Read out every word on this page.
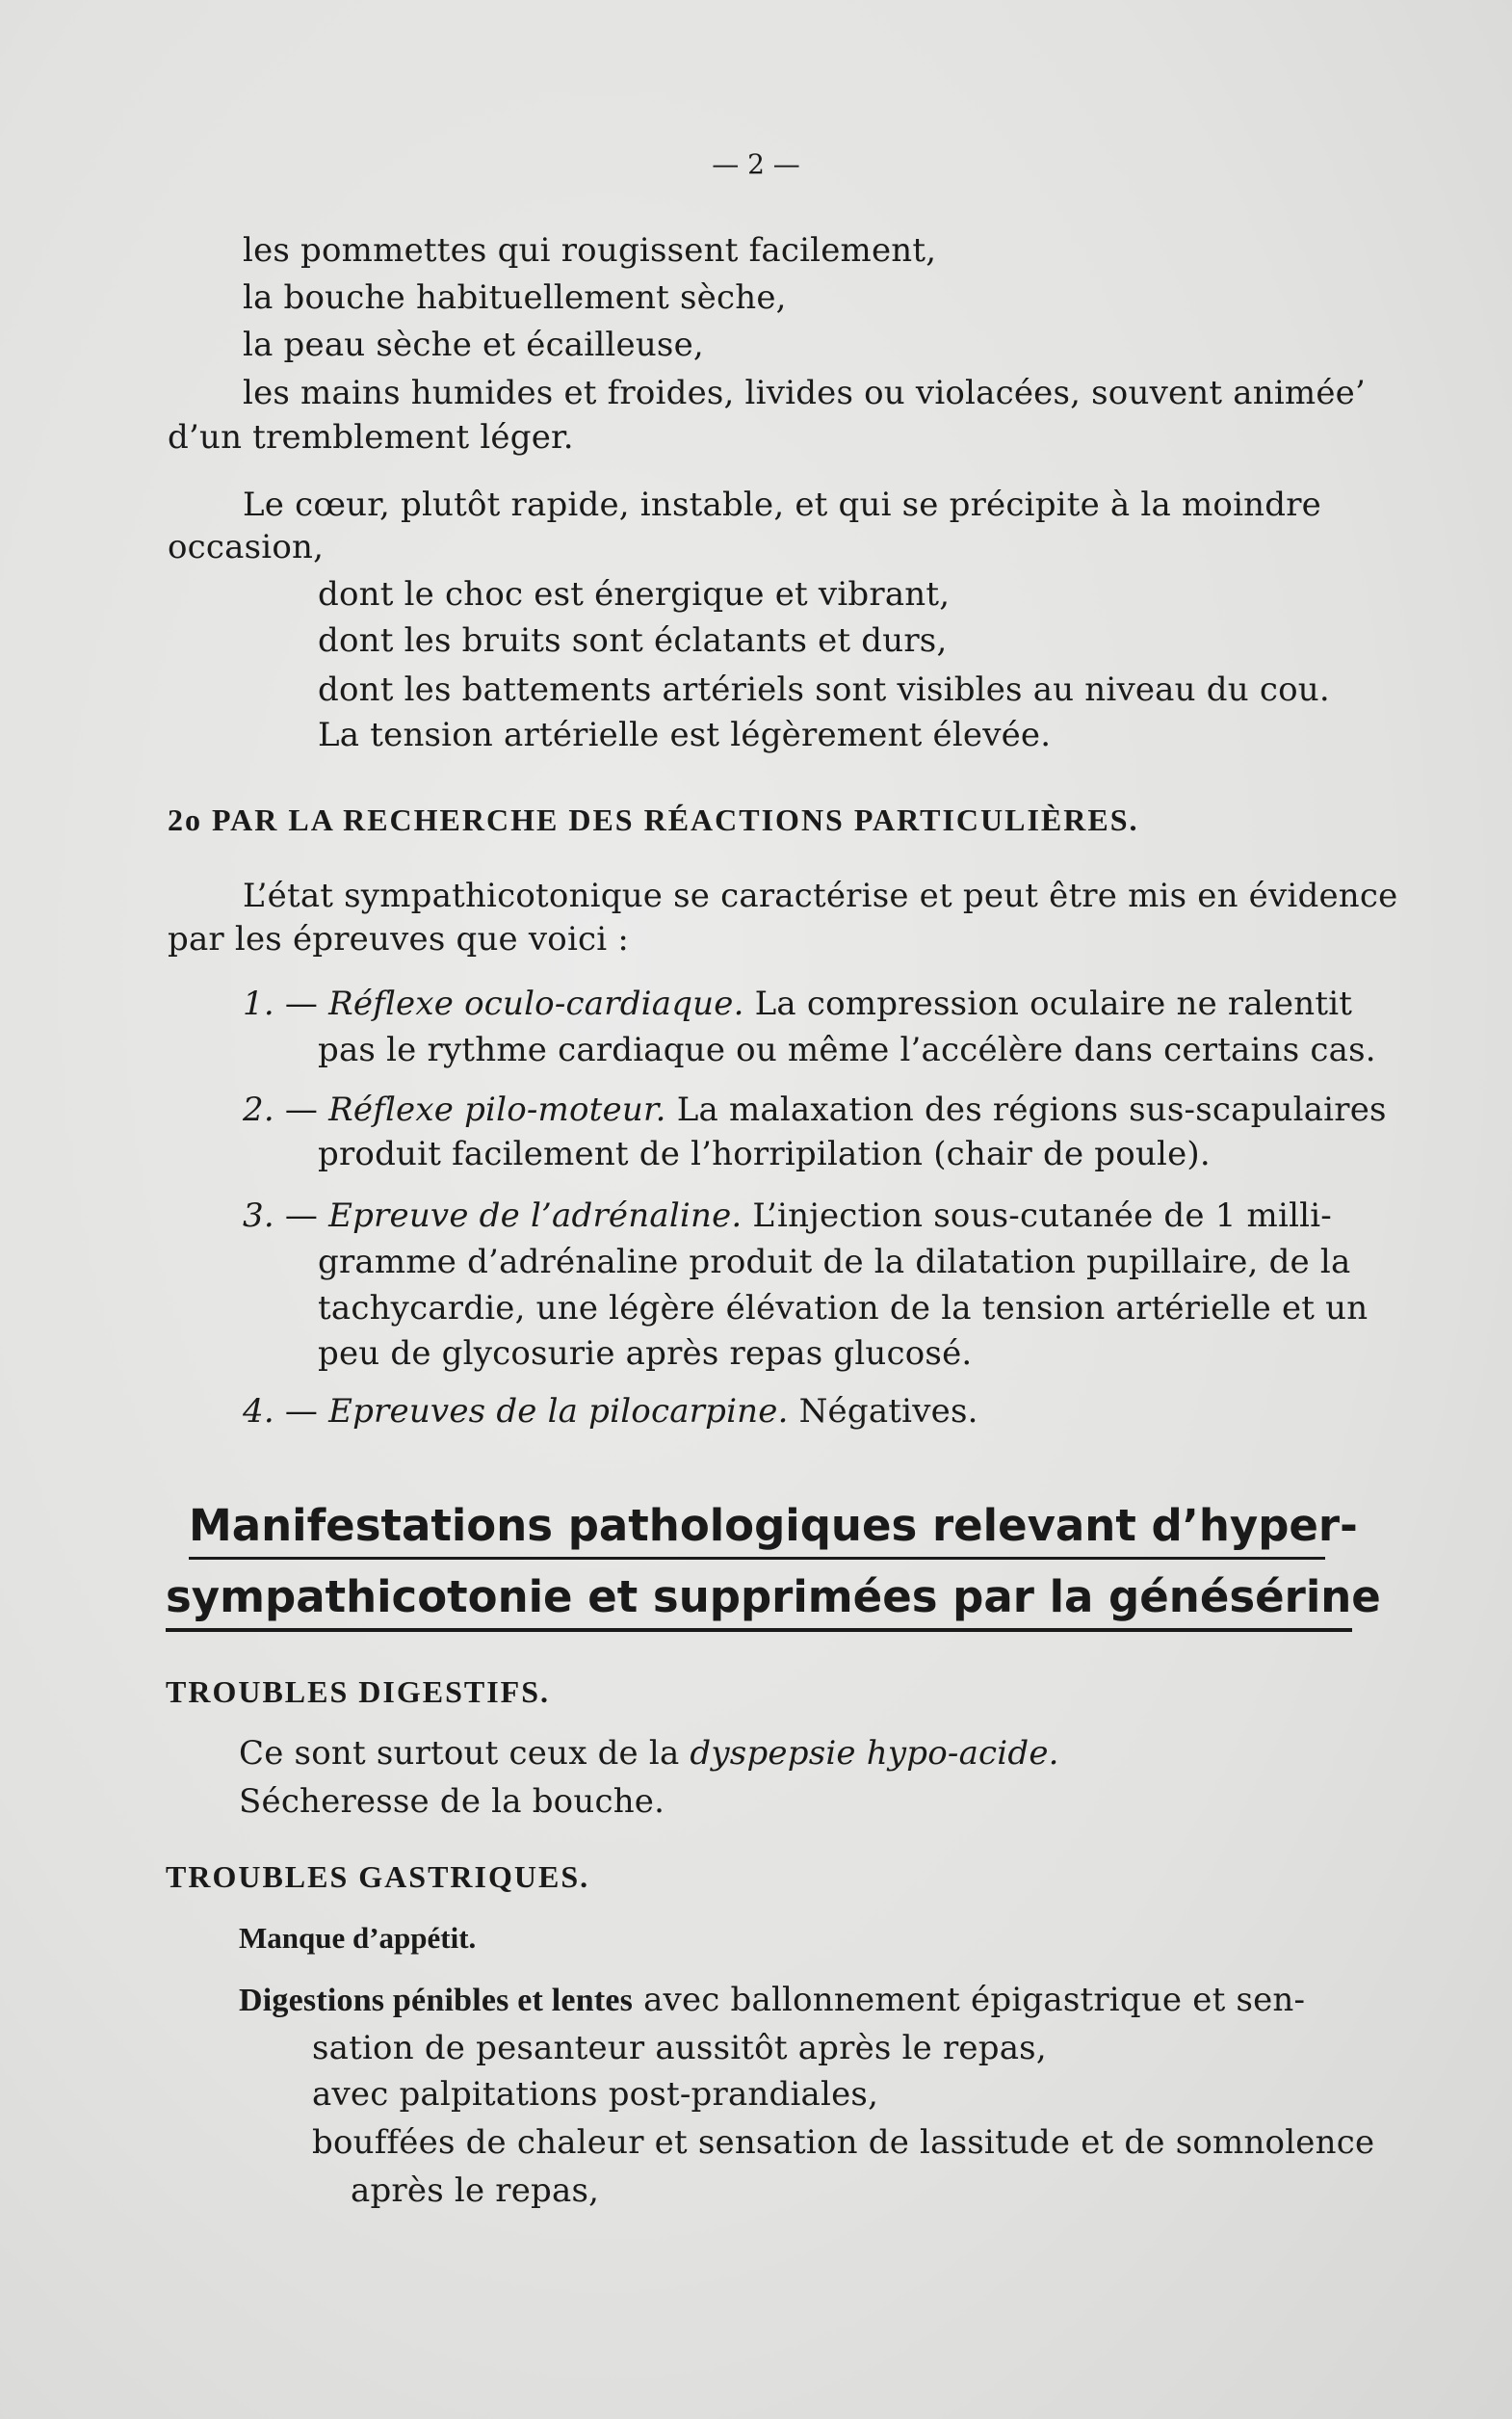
— 2 —
les pommettes qui rougissent facilement,
la bouche habituellement sèche,
la peau sèche et écailleuse,
les mains humides et froides, livides ou violacées, souvent animée’
d’un tremblement léger.
Le cœur, plutôt rapide, instable, et qui se précipite à la moindre
occasion,
dont le choc est énergique et vibrant,
dont les bruits sont éclatants et durs,
dont les battements artériels sont visibles au niveau du cou.
La tension artérielle est légèrement élevée.
2o PAR LA RECHERCHE DES RÉACTIONS PARTICULIÈRES.
L’état sympathicotonique se caractérise et peut être mis en évidence
par les épreuves que voici :
1. — Réflexe oculo-cardiaque. La compression oculaire ne ralentit
pas le rythme cardiaque ou même l’accélère dans certains cas.
2. — Réflexe pilo-moteur. La malaxation des régions sus-scapulaires
produit facilement de l’horripilation (chair de poule).
3. — Epreuve de l’adrénaline. L’injection sous-cutanée de 1 milli-
gramme d’adrénaline produit de la dilatation pupillaire, de la
tachycardie, une légère élévation de la tension artérielle et un
peu de glycosurie après repas glucosé.
4. — Epreuves de la pilocarpine. Négatives.
Manifestations pathologiques relevant d’hyper-
sympathicotonie et supprimées par la génésérine
TROUBLES DIGESTIFS.
Ce sont surtout ceux de la dyspepsie hypo-acide.
Sécheresse de la bouche.
TROUBLES GASTRIQUES.
Manque d’appétit.
Digestions pénibles et lentes avec ballonnement épigastrique et sen-
sation de pesanteur aussitôt après le repas,
avec palpitations post-prandiales,
bouffées de chaleur et sensation de lassitude et de somnolence
après le repas,
